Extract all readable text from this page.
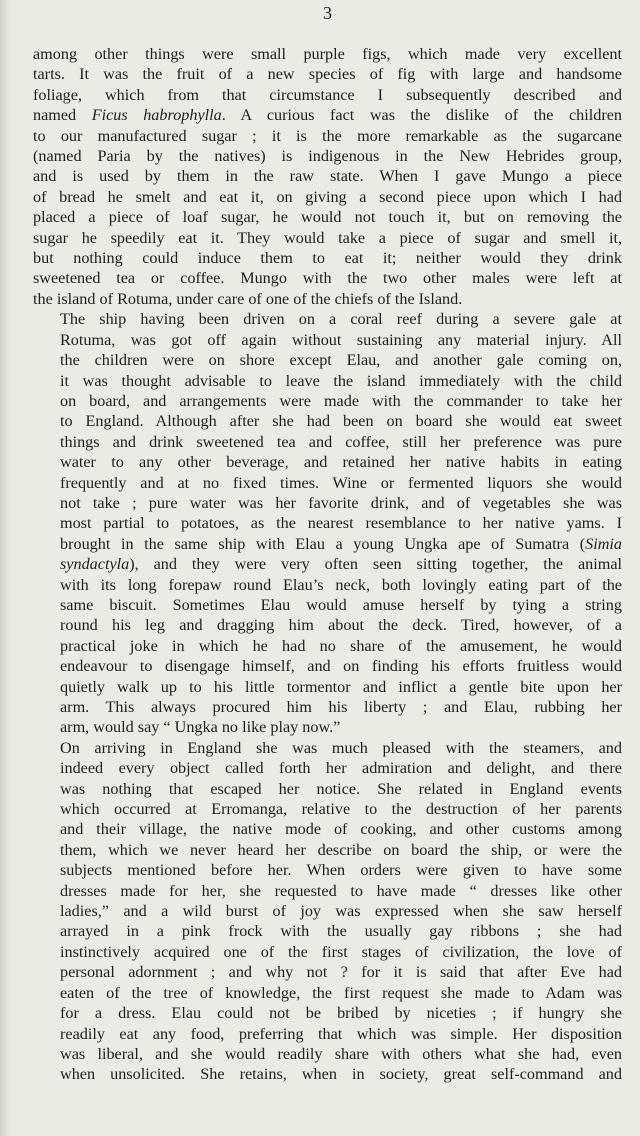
3
among other things were small purple figs, which made very excellent
tarts. It was the fruit of a new species of fig with large and handsome
foliage, which from that circumstance I subsequently described and
named Ficus habrophylla. A curious fact was the dislike of the children
to our manufactured sugar ; it is the more remarkable as the sugarcane
(named Paria by the natives) is indigenous in the New Hebrides group,
and is used by them in the raw state. When I gave Mungo a piece
of bread he smelt and eat it, on giving a second piece upon which I had
placed a piece of loaf sugar, he would not touch it, but on removing the
sugar he speedily eat it. They would take a piece of sugar and smell it,
but nothing could induce them to eat it; neither would they drink
sweetened tea or coffee. Mungo with the two other males were left at
the island of Rotuma, under care of one of the chiefs of the Island.
The ship having been driven on a coral reef during a severe gale at
Rotuma, was got off again without sustaining any material injury. All
the children were on shore except Elau, and another gale coming on,
it was thought advisable to leave the island immediately with the child
on board, and arrangements were made with the commander to take her
to England. Although after she had been on board she would eat sweet
things and drink sweetened tea and coffee, still her preference was pure
water to any other beverage, and retained her native habits in eating
frequently and at no fixed times. Wine or fermented liquors she would
not take ; pure water was her favorite drink, and of vegetables she was
most partial to potatoes, as the nearest resemblance to her native yams. I
brought in the same ship with Elau a young Ungka ape of Sumatra (Simia
syndactyla), and they were very often seen sitting together, the animal
with its long forepaw round Elau’s neck, both lovingly eating part of the
same biscuit. Sometimes Elau would amuse herself by tying a string
round his leg and dragging him about the deck. Tired, however, of a
practical joke in which he had no share of the amusement, he would
endeavour to disengage himself, and on finding his efforts fruitless would
quietly walk up to his little tormentor and inflict a gentle bite upon her
arm. This always procured him his liberty ; and Elau, rubbing her
arm, would say “ Ungka no like play now.”
On arriving in England she was much pleased with the steamers, and
indeed every object called forth her admiration and delight, and there
was nothing that escaped her notice. She related in England events
which occurred at Erromanga, relative to the destruction of her parents
and their village, the native mode of cooking, and other customs among
them, which we never heard her describe on board the ship, or were the
subjects mentioned before her. When orders were given to have some
dresses made for her, she requested to have made “ dresses like other
ladies,” and a wild burst of joy was expressed when she saw herself
arrayed in a pink frock with the usually gay ribbons ; she had
instinctively acquired one of the first stages of civilization, the love of
personal adornment ; and why not ? for it is said that after Eve had
eaten of the tree of knowledge, the first request she made to Adam was
for a dress. Elau could not be bribed by niceties ; if hungry she
readily eat any food, preferring that which was simple. Her disposition
was liberal, and she would readily share with others what she had, even
when unsolicited. She retains, when in society, great self-command and
